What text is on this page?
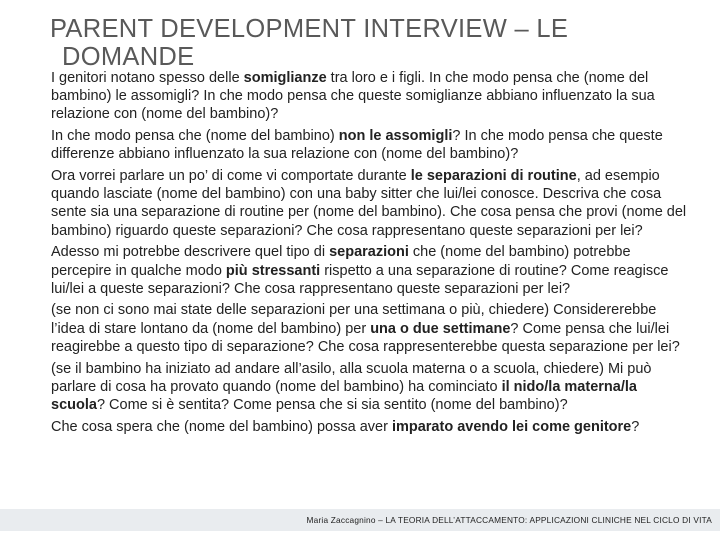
PARENT DEVELOPMENT INTERVIEW – LE
DOMANDE

I genitori notano spesso delle somiglianze tra loro e i figli. In che modo pensa che (nome del bambino) le assomigli? In che modo pensa che queste somiglianze abbiano influenzato la sua relazione con (nome del bambino)?

In che modo pensa che (nome del bambino) non le assomigli? In che modo pensa che queste differenze abbiano influenzato la sua relazione con (nome del bambino)?

Ora vorrei parlare un po’ di come vi comportate durante le separazioni di routine, ad esempio quando lasciate (nome del bambino) con una baby sitter che lui/lei conosce. Descriva che cosa sente sia una separazione di routine per (nome del bambino). Che cosa pensa che provi (nome del bambino) riguardo queste separazioni? Che cosa rappresentano queste separazioni per lei?

Adesso mi potrebbe descrivere quel tipo di separazioni che (nome del bambino) potrebbe percepire in qualche modo più stressanti rispetto a una separazione di routine? Come reagisce lui/lei a queste separazioni? Che cosa rappresentano queste separazioni per lei?

(se non ci sono mai state delle separazioni per una settimana o più, chiedere) Considererebbe l’idea di stare lontano da (nome del bambino) per una o due settimane? Come pensa che lui/lei reagirebbe a questo tipo di separazione? Che cosa rappresenterebbe questa separazione per lei?

(se il bambino ha iniziato ad andare all’asilo, alla scuola materna o a scuola, chiedere) Mi può parlare di cosa ha provato quando (nome del bambino) ha cominciato il nido/la materna/la scuola? Come si è sentita? Come pensa che si sia sentito (nome del bambino)?

Che cosa spera che (nome del bambino) possa aver imparato avendo lei come genitore?

Maria Zaccagnino – LA TEORIA DELL’ATTACCAMENTO: APPLICAZIONI CLINICHE NEL CICLO DI VITA
